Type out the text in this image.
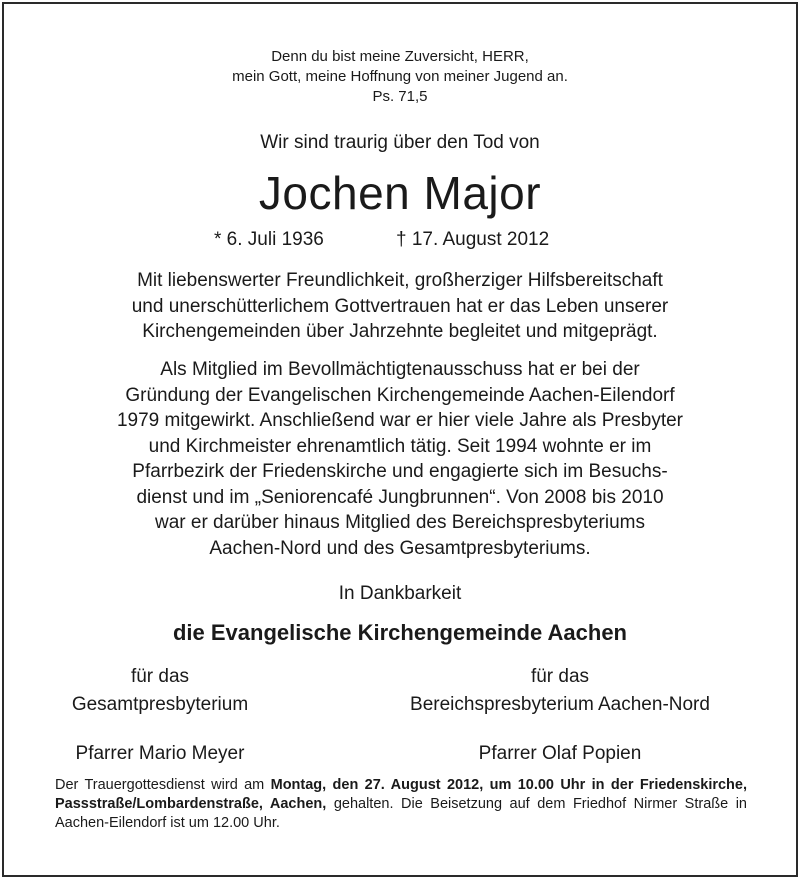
Denn du bist meine Zuversicht, HERR,
mein Gott, meine Hoffnung von meiner Jugend an.
Ps. 71,5
Wir sind traurig über den Tod von
Jochen Major
* 6. Juli 1936	† 17. August 2012
Mit liebenswerter Freundlichkeit, großherziger Hilfsbereitschaft
und unerschütterlichem Gottvertrauen hat er das Leben unserer
Kirchengemeinden über Jahrzehnte begleitet und mitgeprägt.
Als Mitglied im Bevollmächtigtenausschuss hat er bei der
Gründung der Evangelischen Kirchengemeinde Aachen-Eilendorf
1979 mitgewirkt. Anschließend war er hier viele Jahre als Presbyter
und Kirchmeister ehrenamtlich tätig. Seit 1994 wohnte er im
Pfarrbezirk der Friedenskirche und engagierte sich im Besuchs-
dienst und im „Seniorencafé Jungbrunnen“. Von 2008 bis 2010
war er darüber hinaus Mitglied des Bereichspresbyteriums
Aachen-Nord und des Gesamtpresbyteriums.
In Dankbarkeit
die Evangelische Kirchengemeinde Aachen
für das
Gesamtpresbyterium
Pfarrer Mario Meyer
für das
Bereichspresbyterium Aachen-Nord
Pfarrer Olaf Popien
Der Trauergottesdienst wird am Montag, den 27. August 2012, um 10.00 Uhr in der Friedenskirche, Passstraße/Lombardenstraße, Aachen, gehalten. Die Beisetzung auf dem Friedhof Nirmer Straße in Aachen-Eilendorf ist um 12.00 Uhr.
